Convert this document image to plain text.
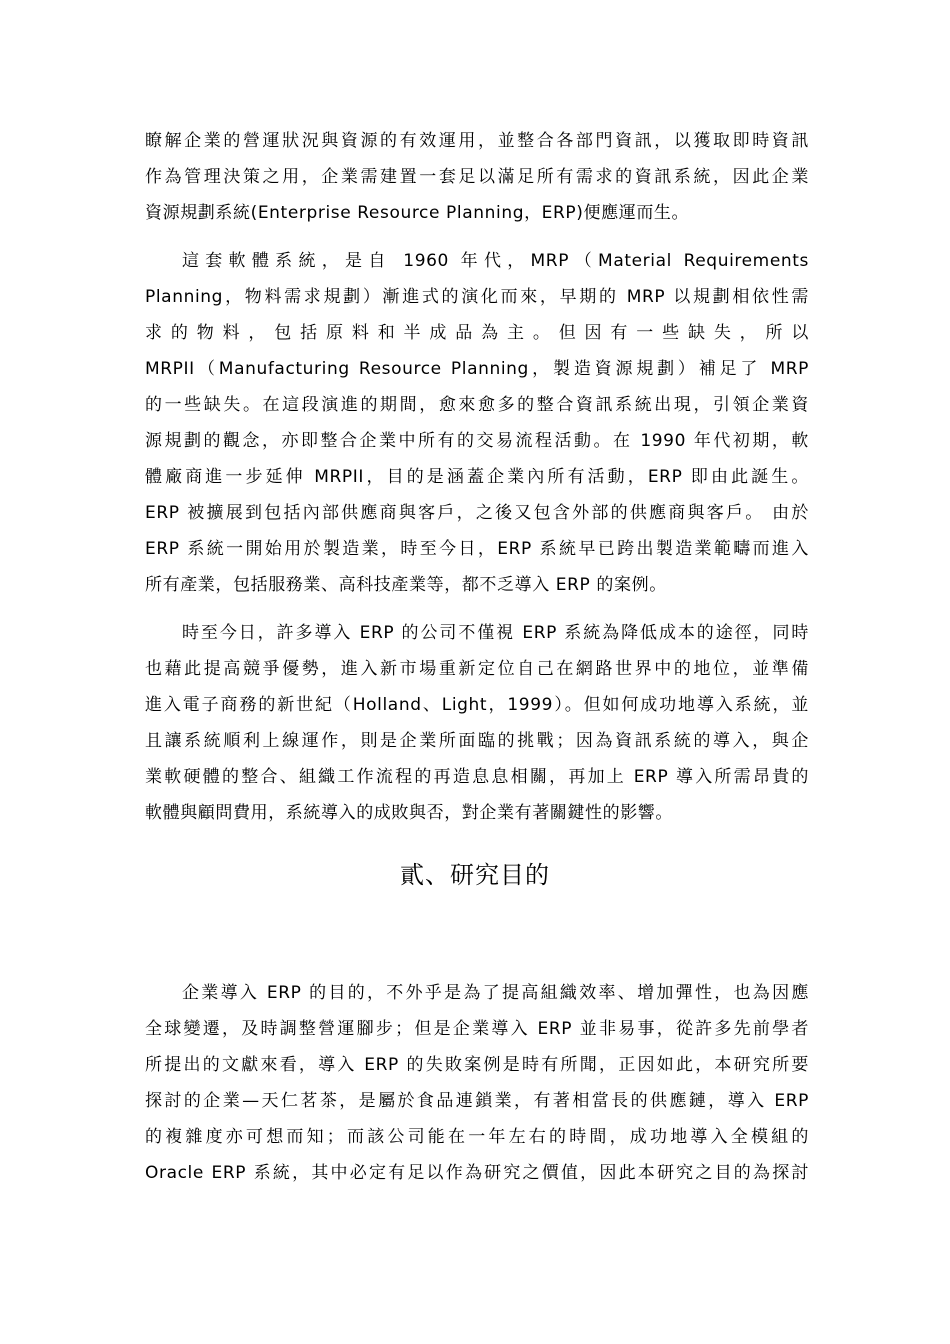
瞭解企業的營運狀況與資源的有效運用，並整合各部門資訊，以獲取即時資訊
作為管理決策之用，企業需建置一套足以滿足所有需求的資訊系統，因此企業
資源規劃系統(Enterprise Resource Planning，ERP)便應運而生。
這套軟體系統，是自 1960 年代，MRP（Material Requirements
Planning，物料需求規劃）漸進式的演化而來，早期的 MRP 以規劃相依性需
求的物料，包括原料和半成品為主。但因有一些缺失，所以
MRPII（Manufacturing Resource Planning，製造資源規劃）補足了 MRP
的一些缺失。在這段演進的期間，愈來愈多的整合資訊系統出現，引領企業資
源規劃的觀念，亦即整合企業中所有的交易流程活動。在 1990 年代初期，軟
體廠商進一步延伸 MRPII，目的是涵蓋企業內所有活動，ERP 即由此誕生。
ERP 被擴展到包括內部供應商與客戶，之後又包含外部的供應商與客戶。 由於
ERP 系統一開始用於製造業，時至今日，ERP 系統早已跨出製造業範疇而進入
所有產業，包括服務業、高科技產業等，都不乏導入 ERP 的案例。
時至今日，許多導入 ERP 的公司不僅視 ERP 系統為降低成本的途徑，同時
也藉此提高競爭優勢，進入新市場重新定位自己在網路世界中的地位，並準備
進入電子商務的新世紀（Holland、Light，1999）。但如何成功地導入系統，並
且讓系統順利上線運作，則是企業所面臨的挑戰；因為資訊系統的導入，與企
業軟硬體的整合、組織工作流程的再造息息相關，再加上 ERP 導入所需昂貴的
軟體與顧問費用，系統導入的成敗與否，對企業有著關鍵性的影響。
貳、研究目的
企業導入 ERP 的目的，不外乎是為了提高組織效率、增加彈性，也為因應
全球變遷，及時調整營運腳步；但是企業導入 ERP 並非易事，從許多先前學者
所提出的文獻來看，導入 ERP 的失敗案例是時有所聞，正因如此，本研究所要
探討的企業—天仁茗茶，是屬於食品連鎖業，有著相當長的供應鏈，導入 ERP
的複雜度亦可想而知；而該公司能在一年左右的時間，成功地導入全模組的
Oracle ERP 系統，其中必定有足以作為研究之價值，因此本研究之目的為探討
